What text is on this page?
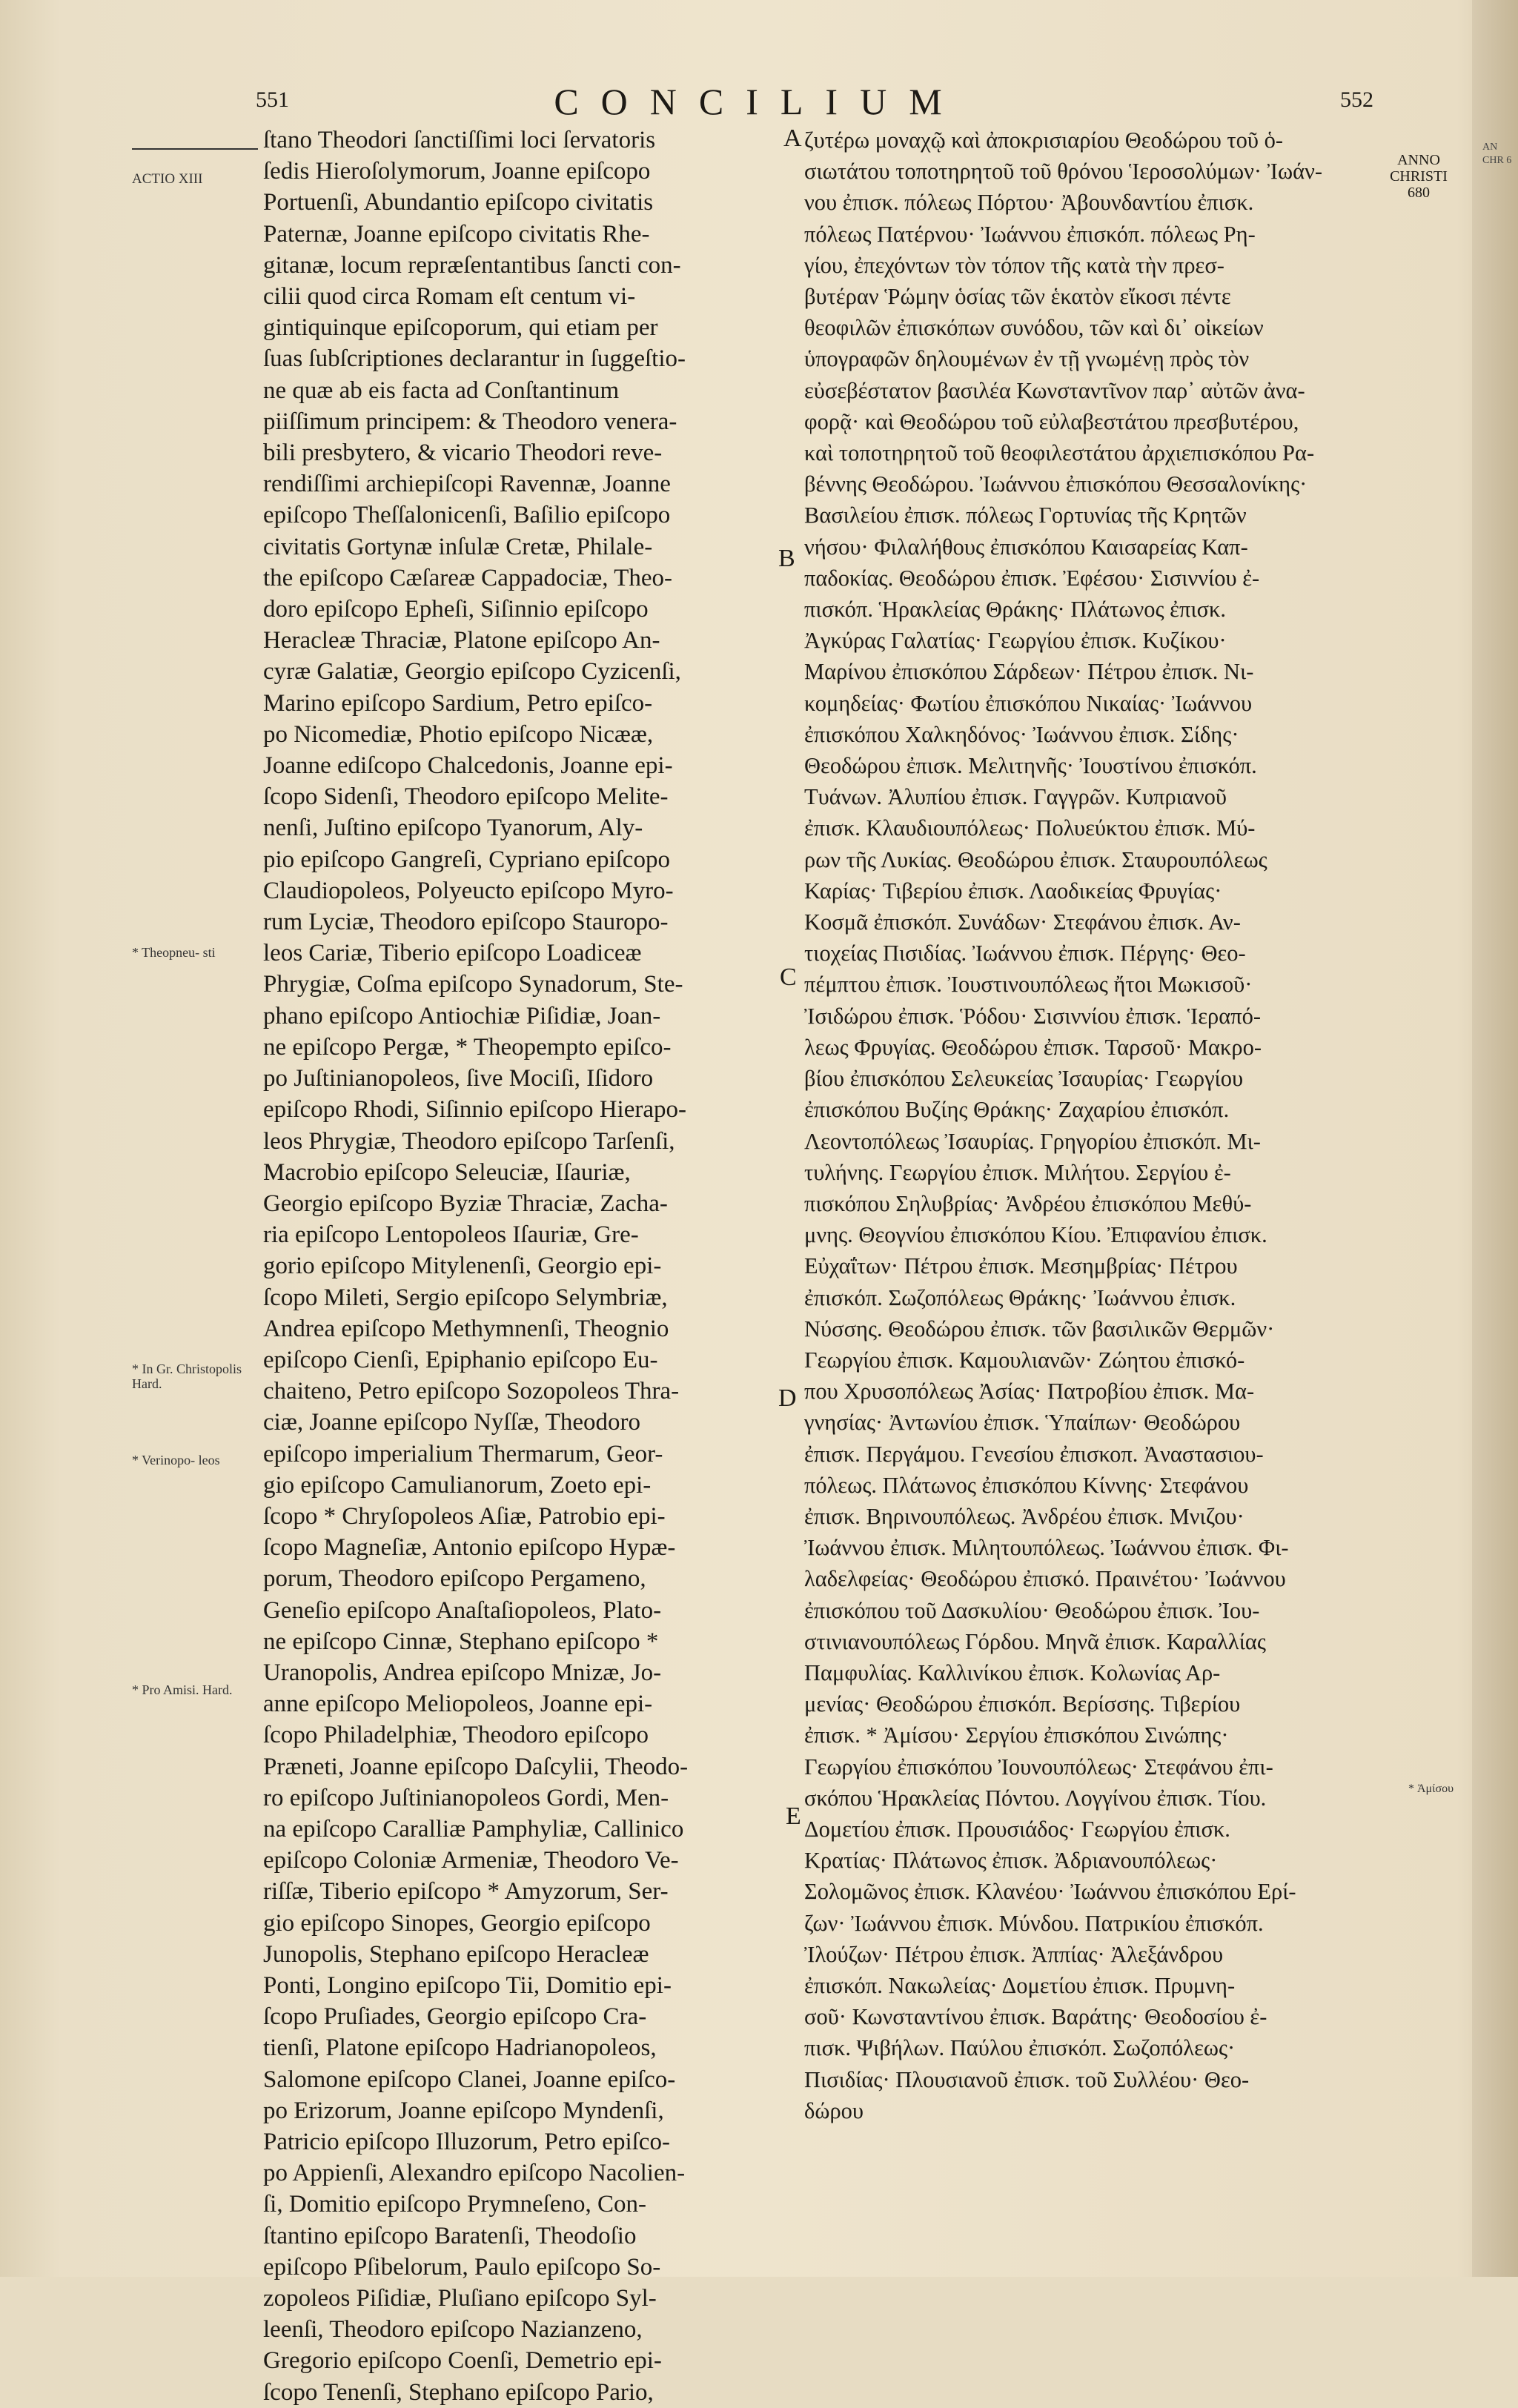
551	CONCILIUM	552
ACTIO XIII
* Theopneu- sti
* In Gr. Christopolis Hard.
* Verinopo- leos
* Pro Amisi. Hard.
ANNO CHRISTI
680
* Ἀμίσου
A
B
C
D
E
ſtano Theodori ſanctiſſimi loci ſervatoris
ſedis Hieroſolymorum, Joanne epiſcopo
Portuenſi, Abundantio epiſcopo civitatis
Paternæ, Joanne epiſcopo civitatis Rhe-
gitanæ, locum repræſentantibus ſancti con-
cilii quod circa Romam eſt centum vi-
gintiquinque epiſcoporum, qui etiam per
ſuas ſubſcriptiones declarantur in ſuggeſtio-
ne quæ ab eis facta ad Conſtantinum
piiſſimum principem: & Theodoro venera-
bili presbytero, & vicario Theodori reve-
rendiſſimi archiepiſcopi Ravennæ, Joanne
epiſcopo Theſſalonicenſi, Baſilio epiſcopo
civitatis Gortynæ inſulæ Cretæ, Philale-
the epiſcopo Cæſareæ Cappadociæ, Theo-
doro epiſcopo Epheſi, Siſinnio epiſcopo
Heracleæ Thraciæ, Platone epiſcopo An-
cyræ Galatiæ, Georgio epiſcopo Cyzicenſi,
Marino epiſcopo Sardium, Petro epiſco-
po Nicomediæ, Photio epiſcopo Nicææ,
Joanne ediſcopo Chalcedonis, Joanne epi-
ſcopo Sidenſi, Theodoro epiſcopo Melite-
nenſi, Juſtino epiſcopo Tyanorum, Aly-
pio epiſcopo Gangreſi, Cypriano epiſcopo
Claudiopoleos, Polyeucto epiſcopo Myro-
rum Lyciæ, Theodoro epiſcopo Stauropo-
leos Cariæ, Tiberio epiſcopo Loadiceæ
Phrygiæ, Coſma epiſcopo Synadorum, Ste-
phano epiſcopo Antiochiæ Piſidiæ, Joan-
ne epiſcopo Pergæ, * Theopempto epiſco-
po Juſtinianopoleos, ſive Mociſi, Iſidoro
epiſcopo Rhodi, Siſinnio epiſcopo Hierapo-
leos Phrygiæ, Theodoro epiſcopo Tarſenſi,
Macrobio epiſcopo Seleuciæ, Iſauriæ,
Georgio epiſcopo Byziæ Thraciæ, Zacha-
ria epiſcopo Lentopoleos Iſauriæ, Gre-
gorio epiſcopo Mitylenenſi, Georgio epi-
ſcopo Mileti, Sergio epiſcopo Selymbriæ,
Andrea epiſcopo Methymnenſi, Theognio
epiſcopo Cienſi, Epiphanio epiſcopo Eu-
chaiteno, Petro epiſcopo Sozopoleos Thra-
ciæ, Joanne epiſcopo Nyſſæ, Theodoro
epiſcopo imperialium Thermarum, Geor-
gio epiſcopo Camulianorum, Zoeto epi-
ſcopo * Chryſopoleos Aſiæ, Patrobio epi-
ſcopo Magneſiæ, Antonio epiſcopo Hypæ-
porum, Theodoro epiſcopo Pergameno,
Geneſio epiſcopo Anaſtaſiopoleos, Plato-
ne epiſcopo Cinnæ, Stephano epiſcopo *
Uranopolis, Andrea epiſcopo Mnizæ, Jo-
anne epiſcopo Meliopoleos, Joanne epi-
ſcopo Philadelphiæ, Theodoro epiſcopo
Præneti, Joanne epiſcopo Daſcylii, Theodo-
ro epiſcopo Juſtinianopoleos Gordi, Men-
na epiſcopo Caralliæ Pamphyliæ, Callinico
epiſcopo Coloniæ Armeniæ, Theodoro Ve-
riſſæ, Tiberio epiſcopo * Amyzorum, Ser-
gio epiſcopo Sinopes, Georgio epiſcopo
Junopolis, Stephano epiſcopo Heracleæ
Ponti, Longino epiſcopo Tii, Domitio epi-
ſcopo Pruſiades, Georgio epiſcopo Cra-
tienſi, Platone epiſcopo Hadrianopoleos,
Salomone epiſcopo Clanei, Joanne epiſco-
po Erizorum, Joanne epiſcopo Myndenſi,
Patricio epiſcopo Illuzorum, Petro epiſco-
po Appienſi, Alexandro epiſcopo Nacolien-
ſi, Domitio epiſcopo Prymneſeno, Con-
ſtantino epiſcopo Baratenſi, Theodoſio
epiſcopo Pſibelorum, Paulo epiſcopo So-
zopoleos Piſidiæ, Pluſiano epiſcopo Syl-
leenſi, Theodoro epiſcopo Nazianzeno,
Gregorio epiſcopo Coenſi, Demetrio epi-
ſcopo Tenenſi, Stephano epiſcopo Pario,
ζυτέρω μοναχῷ καὶ ἀποκρισιαρίου Θεοδώρου τοῦ ὁ-
σιωτάτου τοποτηρητοῦ τοῦ θρόνου Ἱεροσολύμων· Ἰωάν-
νου ἐπισκ. πόλεως Πόρτου· Ἀβουνδαντίου ἐπισκ.
πόλεως Πατέρνου· Ἰωάννου ἐπισκόπ. πόλεως Ρη-
γίου, ἐπεχόντων τὸν τόπον τῆς κατὰ τὴν πρεσ-
βυτέραν Ῥώμην ὁσίας τῶν ἑκατὸν εἴκοσι πέντε
θεοφιλῶν ἐπισκόπων συνόδου, τῶν καὶ δι᾽ οἰκείων
ὑπογραφῶν δηλουμένων ἐν τῇ γνωμένῃ πρὸς τὸν
εὐσεβέστατον βασιλέα Κωνσταντῖνον παρ᾽ αὐτῶν ἀνα-
φορᾷ· καὶ Θεοδώρου τοῦ εὐλαβεστάτου πρεσβυτέρου,
καὶ τοποτηρητοῦ τοῦ θεοφιλεστάτου ἀρχιεπισκόπου Ρα-
βέννης Θεοδώρου. Ἰωάννου ἐπισκόπου Θεσσαλονίκης·
Βασιλείου ἐπισκ. πόλεως Γορτυνίας τῆς Κρητῶν
νήσου· Φιλαλήθους ἐπισκόπου Καισαρείας Καπ-
παδοκίας. Θεοδώρου ἐπισκ. Ἐφέσου· Σισιννίου ἐ-
πισκόπ. Ἡρακλείας Θράκης· Πλάτωνος ἐπισκ.
Ἀγκύρας Γαλατίας· Γεωργίου ἐπισκ. Κυζίκου·
Μαρίνου ἐπισκόπου Σάρδεων· Πέτρου ἐπισκ. Νι-
κομηδείας· Φωτίου ἐπισκόπου Νικαίας· Ἰωάννου
ἐπισκόπου Χαλκηδόνος· Ἰωάννου ἐπισκ. Σίδης·
Θεοδώρου ἐπισκ. Μελιτηνῆς· Ἰουστίνου ἐπισκόπ.
Τυάνων. Ἀλυπίου ἐπισκ. Γαγγρῶν. Κυπριανοῦ
ἐπισκ. Κλαυδιουπόλεως· Πολυεύκτου ἐπισκ. Μύ-
ρων τῆς Λυκίας. Θεοδώρου ἐπισκ. Σταυρουπόλεως
Καρίας· Τιβερίου ἐπισκ. Λαοδικείας Φρυγίας·
Κοσμᾶ ἐπισκόπ. Συνάδων· Στεφάνου ἐπισκ. Αν-
τιοχείας Πισιδίας. Ἰωάννου ἐπισκ. Πέργης· Θεο-
πέμπτου ἐπισκ. Ἰουστινουπόλεως ἤτοι Μωκισοῦ·
Ἰσιδώρου ἐπισκ. Ῥόδου· Σισιννίου ἐπισκ. Ἱεραπό-
λεως Φρυγίας. Θεοδώρου ἐπισκ. Ταρσοῦ· Μακρο-
βίου ἐπισκόπου Σελευκείας Ἰσαυρίας· Γεωργίου
ἐπισκόπου Βυζίης Θράκης· Ζαχαρίου ἐπισκόπ.
Λεοντοπόλεως Ἰσαυρίας. Γρηγορίου ἐπισκόπ. Μι-
τυλήνης. Γεωργίου ἐπισκ. Μιλήτου. Σεργίου ἐ-
πισκόπου Σηλυβρίας· Ἀνδρέου ἐπισκόπου Μεθύ-
μνης. Θεογνίου ἐπισκόπου Κίου. Ἐπιφανίου ἐπισκ.
Εὐχαΐτων· Πέτρου ἐπισκ. Μεσημβρίας· Πέτρου
ἐπισκόπ. Σωζοπόλεως Θράκης· Ἰωάννου ἐπισκ.
Νύσσης. Θεοδώρου ἐπισκ. τῶν βασιλικῶν Θερμῶν·
Γεωργίου ἐπισκ. Καμουλιανῶν· Ζώητου ἐπισκό-
που Χρυσοπόλεως Ἀσίας· Πατροβίου ἐπισκ. Μα-
γνησίας· Ἀντωνίου ἐπισκ. Ὑπαίπων· Θεοδώρου
ἐπισκ. Περγάμου. Γενεσίου ἐπισκοπ. Ἀναστασιου-
πόλεως. Πλάτωνος ἐπισκόπου Κίννης· Στεφάνου
ἐπισκ. Βηρινουπόλεως. Ἀνδρέου ἐπισκ. Μνιζου·
Ἰωάννου ἐπισκ. Μιλητουπόλεως. Ἰωάννου ἐπισκ. Φι-
λαδελφείας· Θεοδώρου ἐπισκό. Πραινέτου· Ἰωάννου
ἐπισκόπου τοῦ Δασκυλίου· Θεοδώρου ἐπισκ. Ἰου-
στινιανουπόλεως Γόρδου. Μηνᾶ ἐπισκ. Καραλλίας
Παμφυλίας. Καλλινίκου ἐπισκ. Κολωνίας Αρ-
μενίας· Θεοδώρου ἐπισκόπ. Βερίσσης. Τιβερίου
ἐπισκ. * Ἀμίσου· Σεργίου ἐπισκόπου Σινώπης·
Γεωργίου ἐπισκόπου Ἰουνουπόλεως· Στεφάνου ἐπι-
σκόπου Ἡρακλείας Πόντου. Λογγίνου ἐπισκ. Τίου.
Δομετίου ἐπισκ. Προυσιάδος· Γεωργίου ἐπισκ.
Κρατίας· Πλάτωνος ἐπισκ. Ἀδριανουπόλεως·
Σολομῶνος ἐπισκ. Κλανέου· Ἰωάννου ἐπισκόπου Ερί-
ζων· Ἰωάννου ἐπισκ. Μύνδου. Πατρικίου ἐπισκόπ.
Ἰλούζων· Πέτρου ἐπισκ. Ἀππίας· Ἀλεξάνδρου
ἐπισκόπ. Νακωλείας· Δομετίου ἐπισκ. Πρυμνη-
σοῦ· Κωνσταντίνου ἐπισκ. Βαράτης· Θεοδοσίου ἐ-
πισκ. Ψιβήλων. Παύλου ἐπισκόπ. Σωζοπόλεως·
Πισιδίας· Πλουσιανοῦ ἐπισκ. τοῦ Συλλέου· Θεο-
δώρου
AN CHR 6
